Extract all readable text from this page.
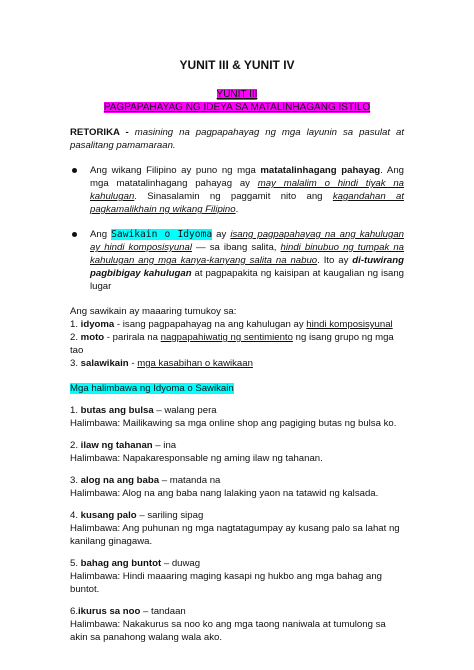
YUNIT III & YUNIT IV
YUNIT III
PAGPAPAHAYAG NG IDEYA SA MATALINHAGANG ISTILO

RETORIKA - masining na pagpapahayag ng mga layunin sa pasulat at pasalitang pamamaraan.

Ang wikang Filipino ay puno ng mga matatalinhagang pahayag. Ang mga matatalinhagang pahayag ay may malalim o hindi tiyak na kahulugan. Sinasalamin ng paggamit nito ang kagandahan at pagkamalikhain ng wikang Filipino.
Ang Sawikain o Idyoma ay isang pagpapahayag na ang kahulugan ay hindi komposisyunal — sa ibang salita, hindi binubuo ng tumpak na kahulugan ang mga kanya-kanyang salita na nabuo. Ito ay di-tuwirang pagbibigay kahulugan at pagpapakita ng kaisipan at kaugalian ng isang lugar

Ang sawikain ay maaaring tumukoy sa:

1. idyoma - isang pagpapahayag na ang kahulugan ay hindi komposisyunal

2. moto - parirala na nagpapahiwatig ng sentimiento ng isang grupo ng mga tao

3. salawikain - mga kasabihan o kawikaan

Mga halimbawa ng Idyoma o Sawikain

1. butas ang bulsa – walang pera
Halimbawa: Mailikawing sa mga online shop ang pagiging butas ng bulsa ko.
2. ilaw ng tahanan – ina
Halimbawa: Napakaresponsable ng aming ilaw ng tahanan.
3. alog na ang baba – matanda na
Halimbawa: Alog na ang baba nang lalaking yaon na tatawid ng kalsada.
4. kusang palo – sariling sipag
Halimbawa: Ang puhunan ng mga nagtatagumpay ay kusang palo sa lahat ng kanilang ginagawa.
5. bahag ang buntot – duwag
Halimbawa: Hindi maaaring maging kasapi ng hukbo ang mga bahag ang buntot.
6.ikurus sa noo – tandaan
Halimbawa: Nakakurus sa noo ko ang mga taong naniwala at tumulong sa akin sa panahong walang wala ako.
